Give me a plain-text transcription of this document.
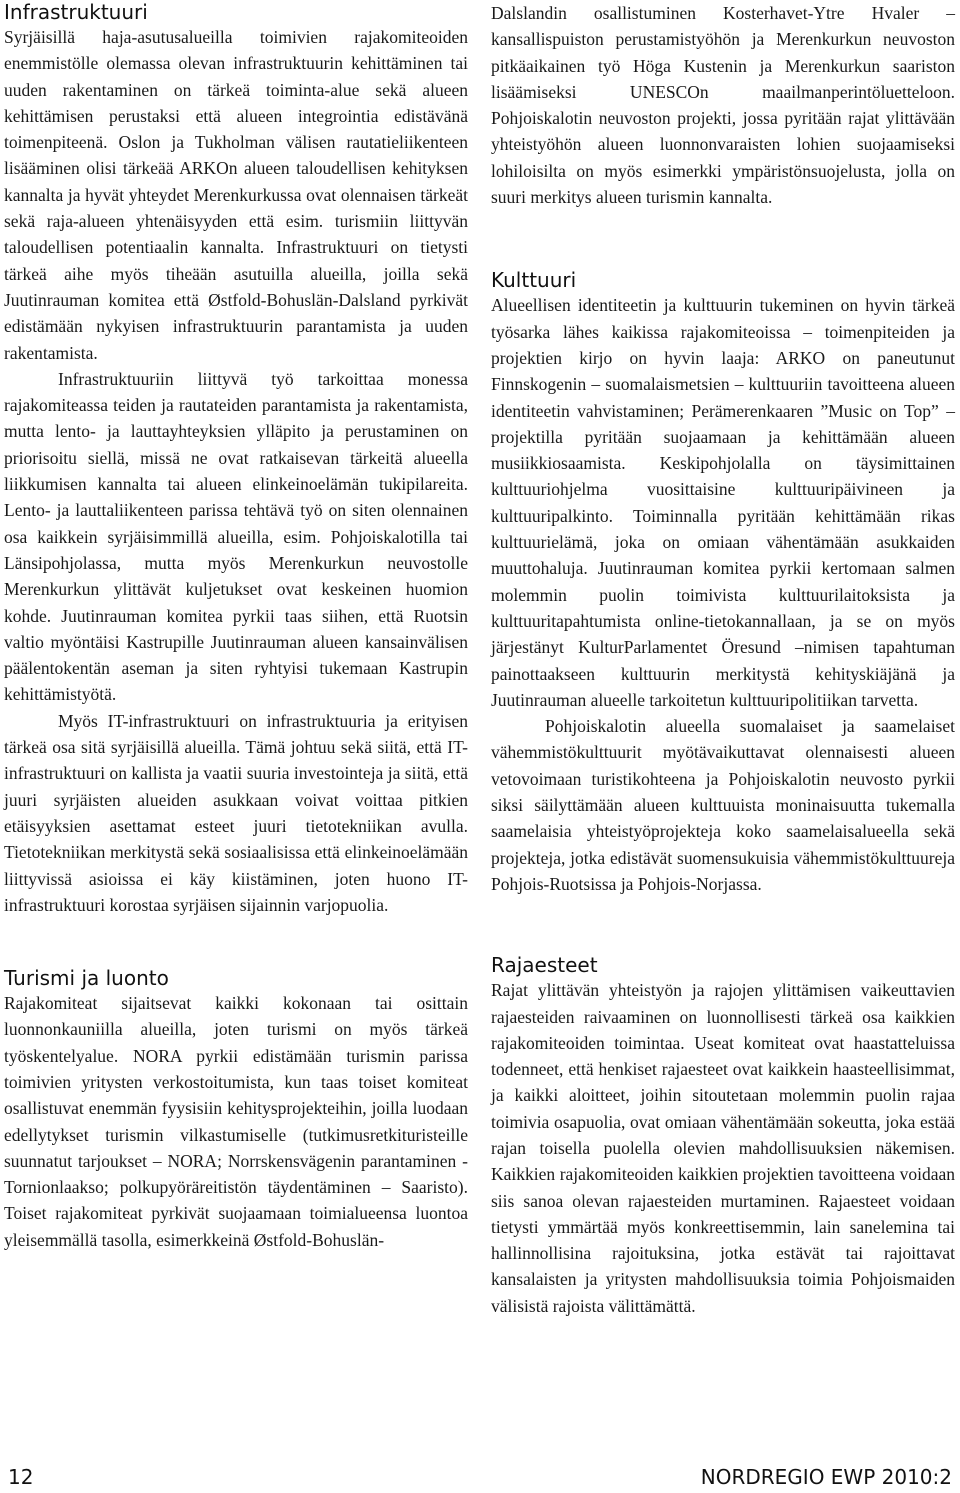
Infrastruktuuri

Syrjäisillä haja-asutusalueilla toimivien rajakomiteoiden enemmistölle olemassa olevan infrastruktuurin kehittäminen tai uuden rakentaminen on tärkeä toiminta-alue sekä alueen kehittämisen perustaksi että alueen integrointia edistävänä toimenpiteenä. Oslon ja Tukholman välisen rautatieliikenteen lisääminen olisi tärkeää ARKOn alueen taloudellisen kehityksen kannalta ja hyvät yhteydet Merenkurkussa ovat olennaisen tärkeät sekä raja-alueen yhtenäisyyden että esim. turismiin liittyvän taloudellisen potentiaalin kannalta. Infrastruktuuri on tietysti tärkeä aihe myös tiheään asutuilla alueilla, joilla sekä Juutinrauman komitea että Østfold-Bohuslän-Dalsland pyrkivät edistämään nykyisen infrastruktuurin parantamista ja uuden rakentamista.

Infrastruktuuriin liittyvä työ tarkoittaa monessa rajakomiteassa teiden ja rautateiden parantamista ja rakentamista, mutta lento- ja lauttayhteyksien ylläpito ja perustaminen on priorisoitu siellä, missä ne ovat ratkaisevan tärkeitä alueella liikkumisen kannalta tai alueen elinkeinoelämän tukipilareita. Lento- ja lauttaliikenteen parissa tehtävä työ on siten olennainen osa kaikkein syrjäisimmillä alueilla, esim. Pohjoiskalotilla tai Länsipohjolassa, mutta myös Merenkurkun neuvostolle Merenkurkun ylittävät kuljetukset ovat keskeinen huomion kohde. Juutinrauman komitea pyrkii taas siihen, että Ruotsin valtio myöntäisi Kastrupille Juutinrauman alueen kansainvälisen päälentokentän aseman ja siten ryhtyisi tukemaan Kastrupin kehittämistyötä.

Myös IT-infrastruktuuri on infrastruktuuria ja erityisen tärkeä osa sitä syrjäisillä alueilla. Tämä johtuu sekä siitä, että IT-infrastruktuuri on kallista ja vaatii suuria investointeja ja siitä, että juuri syrjäisten alueiden asukkaan voivat voittaa pitkien etäisyyksien asettamat esteet juuri tietotekniikan avulla. Tietotekniikan merkitystä sekä sosiaalisissa että elinkeinoelämään liittyvissä asioissa ei käy kiistäminen, joten huono IT-infrastruktuuri korostaa syrjäisen sijainnin varjopuolia.

Turismi ja luonto

Rajakomiteat sijaitsevat kaikki kokonaan tai osittain luonnonkauniilla alueilla, joten turismi on myös tärkeä työskentelyalue. NORA pyrkii edistämään turismin parissa toimivien yritysten verkostoitumista, kun taas toiset komiteat osallistuvat enemmän fyysisiin kehitysprojekteihin, joilla luodaan edellytykset turismin vilkastumiselle (tutkimusretkituristeille suunnatut tarjoukset – NORA; Norrskensvägenin parantaminen - Tornionlaakso; polkupyöräreitistön täydentäminen – Saaristo). Toiset rajakomiteat pyrkivät suojaamaan toimialueensa luontoa yleisemmällä tasolla, esimerkkeinä Østfold-Bohuslän-

Dalslandin osallistuminen Kosterhavet-Ytre Hvaler –kansallispuiston perustamistyöhön ja Merenkurkun neuvoston pitkäaikainen työ Höga Kustenin ja Merenkurkun saariston lisäämiseksi UNESCOn maailmanperintöluetteloon. Pohjoiskalotin neuvoston projekti, jossa pyritään rajat ylittävään yhteistyöhön alueen luonnonvaraisten lohien suojaamiseksi lohiloisilta on myös esimerkki ympäristönsuojelusta, jolla on suuri merkitys alueen turismin kannalta.

Kulttuuri

Alueellisen identiteetin ja kulttuurin tukeminen on hyvin tärkeä työsarka lähes kaikissa rajakomiteoissa – toimenpiteiden ja projektien kirjo on hyvin laaja: ARKO on paneutunut Finnskogenin – suomalaismetsien – kulttuuriin tavoitteena alueen identiteetin vahvistaminen; Perämerenkaaren ”Music on Top” –projektilla pyritään suojaamaan ja kehittämään alueen musiikkiosaamista. Keskipohjolalla on täysimittainen kulttuuriohjelma vuosittaisine kulttuuripäivineen ja kulttuuripalkinto. Toiminnalla pyritään kehittämään rikas kulttuurielämä, joka on omiaan vähentämään asukkaiden muuttohaluja. Juutinrauman komitea pyrkii kertomaan salmen molemmin puolin toimivista kulttuurilaitoksista ja kulttuuritapahtumista online-tietokannallaan, ja se on myös järjestänyt KulturParlamentet Öresund –nimisen tapahtuman painottaakseen kulttuurin merkitystä kehityskiäjänä ja Juutinrauman alueelle tarkoitetun kulttuuripolitiikan tarvetta.

Pohjoiskalotin alueella suomalaiset ja saamelaiset vähemmistökulttuurit myötävaikuttavat olennaisesti alueen vetovoimaan turistikohteena ja Pohjoiskalotin neuvosto pyrkii siksi säilyttämään alueen kulttuuista moninaisuutta tukemalla saamelaisia yhteistyöprojekteja koko saamelaisalueella sekä projekteja, jotka edistävät suomensukuisia vähemmistökulttuureja Pohjois-Ruotsissa ja Pohjois-Norjassa.

Rajaesteet

Rajat ylittävän yhteistyön ja rajojen ylittämisen vaikeuttavien rajaesteiden raivaaminen on luonnollisesti tärkeä osa kaikkien rajakomiteoiden toimintaa. Useat komiteat ovat haastatteluissa todenneet, että henkiset rajaesteet ovat kaikkein haasteellisimmat, ja kaikki aloitteet, joihin sitoutetaan molemmin puolin rajaa toimivia osapuolia, ovat omiaan vähentämään sokeutta, joka estää rajan toisella puolella olevien mahdollisuuksien näkemisen. Kaikkien rajakomiteoiden kaikkien projektien tavoitteena voidaan siis sanoa olevan rajaesteiden murtaminen. Rajaesteet voidaan tietysti ymmärtää myös konkreettisemmin, lain sanelemina tai hallinnollisina rajoituksina, jotka estävät tai rajoittavat kansalaisten ja yritysten mahdollisuuksia toimia Pohjoismaiden välisistä rajoista välittämättä.

12	NORDREGIO EWP 2010:2
